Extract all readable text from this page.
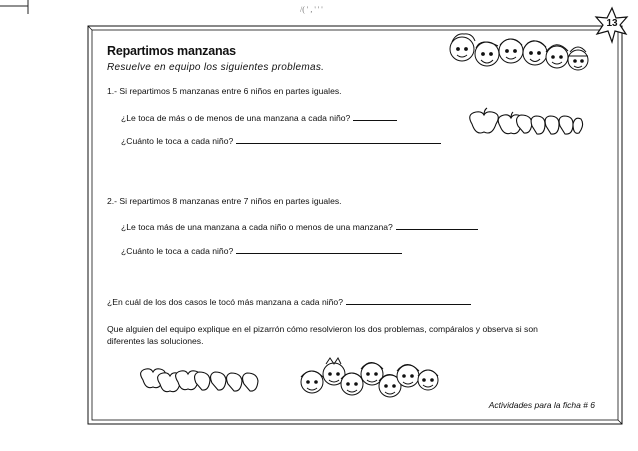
/( ' , ' ' '
13
Repartimos manzanas
Resuelve en equipo los siguientes problemas.
1.- Si repartimos 5 manzanas entre 6 niños en partes iguales.
¿Le toca de más o de menos de una manzana a cada niño?
¿Cuánto le toca a cada niño?
2.- Si repartimos 8 manzanas entre 7 niños en partes iguales.
¿Le toca más de una manzana a cada niño o menos de una manzana?
¿Cuánto le toca a cada niño?
¿En cuál de los dos casos le tocó más manzana a cada niño?
Que alguien del equipo explique en el pizarrón cómo resolvieron los dos problemas, compáralos y observa si son
diferentes las soluciones.
Actividades para la ficha # 6
